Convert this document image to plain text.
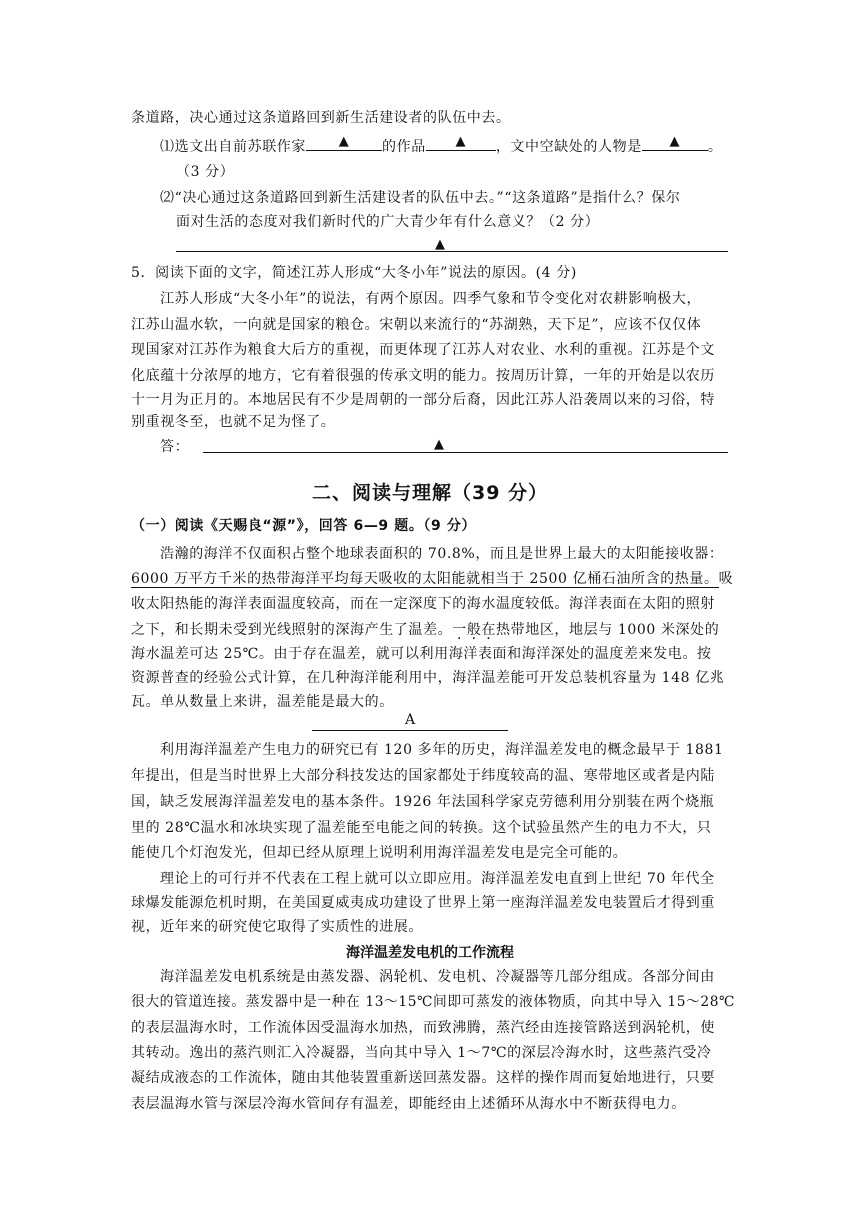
条道路，决心通过这条道路回到新生活建设者的队伍中去。
⑴选文出自前苏联作家	▲ 的作品 ▲ ，文中空缺处的人物是 ▲ 。
（3 分）
⑵“决心通过这条道路回到新生活建设者的队伍中去。”“这条道路”是指什么？保尔
面对生活的态度对我们新时代的广大青少年有什么意义？（2 分）
▲
5．阅读下面的文字，简述江苏人形成“大冬小年”说法的原因。(4 分)
江苏人形成“大冬小年”的说法，有两个原因。四季气象和节令变化对农耕影响极大，
江苏山温水软，一向就是国家的粮仓。宋朝以来流行的“苏湖熟，天下足”，应该不仅仅体
现国家对江苏作为粮食大后方的重视，而更体现了江苏人对农业、水利的重视。江苏是个文
化底蕴十分浓厚的地方，它有着很强的传承文明的能力。按周历计算，一年的开始是以农历
十一月为正月的。本地居民有不少是周朝的一部分后裔，因此江苏人沿袭周以来的习俗，特
别重视冬至，也就不足为怪了。
答：	▲
二、阅读与理解（39 分）
（一）阅读《天赐良“源”》，回答 6—9 题。（9 分）
浩瀚的海洋不仅面积占整个地球表面积的 70.8%，而且是世界上最大的太阳能接收器：
6000 万平方千米的热带海洋平均每天吸收的太阳能就相当于 2500 亿桶石油所含的热量。吸
收太阳热能的海洋表面温度较高，而在一定深度下的海水温度较低。海洋表面在太阳的照射
之下，和长期未受到光线照射的深海产生了温差。一般在热带地区，地层与 1000 米深处的
海水温差可达 25℃。由于存在温差，就可以利用海洋表面和海洋深处的温度差来发电。按
资源普查的经验公式计算，在几种海洋能利用中，海洋温差能可开发总装机容量为 148 亿兆
瓦。单从数量上来讲，温差能是最大的。
A
利用海洋温差产生电力的研究已有 120 多年的历史，海洋温差发电的概念最早于 1881
年提出，但是当时世界上大部分科技发达的国家都处于纬度较高的温、寒带地区或者是内陆
国，缺乏发展海洋温差发电的基本条件。1926 年法国科学家克劳德利用分别装在两个烧瓶
里的 28℃温水和冰块实现了温差能至电能之间的转换。这个试验虽然产生的电力不大，只
能使几个灯泡发光，但却已经从原理上说明利用海洋温差发电是完全可能的。
理论上的可行并不代表在工程上就可以立即应用。海洋温差发电直到上世纪 70 年代全
球爆发能源危机时期，在美国夏威夷成功建设了世界上第一座海洋温差发电装置后才得到重
视，近年来的研究使它取得了实质性的进展。
海洋温差发电机的工作流程
海洋温差发电机系统是由蒸发器、涡轮机、发电机、冷凝器等几部分组成。各部分间由
很大的管道连接。蒸发器中是一种在 13～15℃间即可蒸发的液体物质，向其中导入 15～28℃
的表层温海水时，工作流体因受温海水加热，而致沸腾，蒸汽经由连接管路送到涡轮机，使
其转动。逸出的蒸汽则汇入冷凝器，当向其中导入 1～7℃的深层冷海水时，这些蒸汽受冷
凝结成液态的工作流体，随由其他装置重新送回蒸发器。这样的操作周而复始地进行，只要
表层温海水管与深层冷海水管间存有温差，即能经由上述循环从海水中不断获得电力。
